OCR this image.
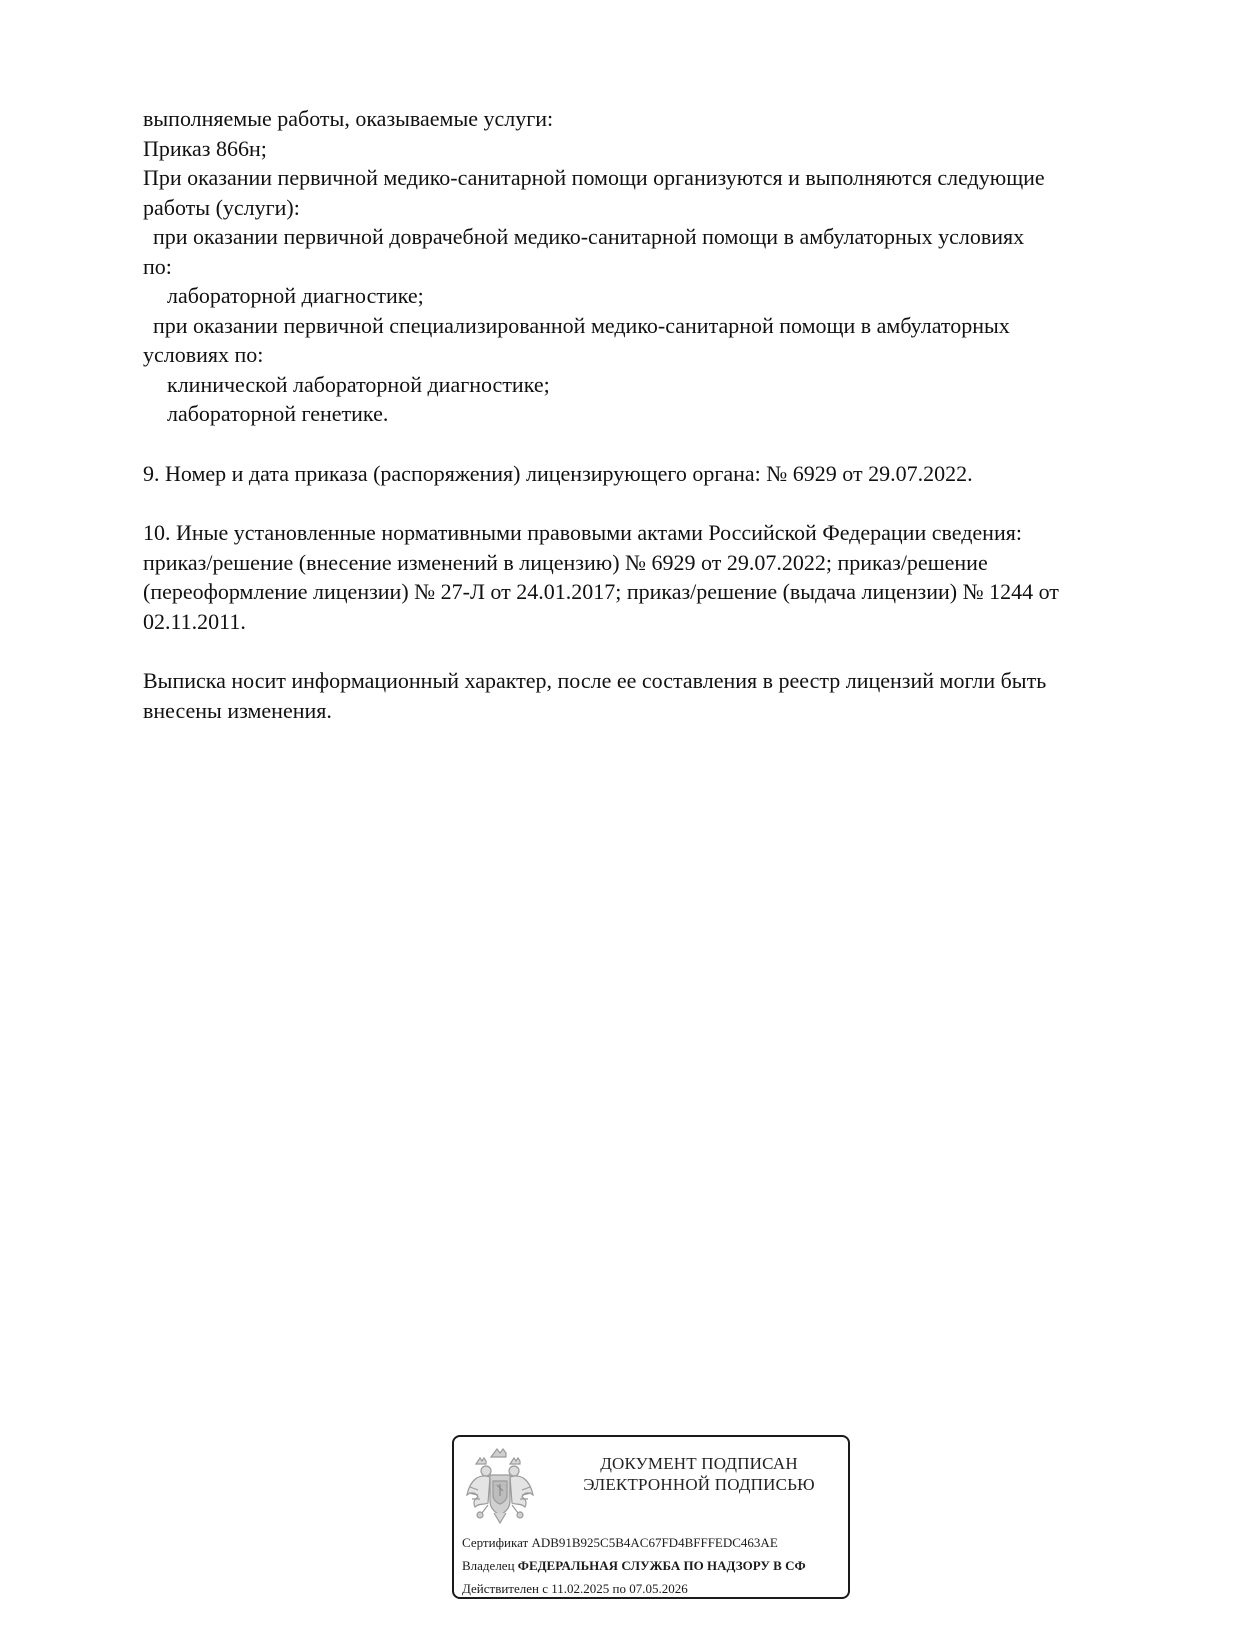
выполняемые работы, оказываемые услуги:
Приказ 866н;
При оказании первичной медико-санитарной помощи организуются и выполняются следующие
работы (услуги):
при оказании первичной доврачебной медико-санитарной помощи в амбулаторных условиях
по:
лабораторной диагностике;
при оказании первичной специализированной медико-санитарной помощи в амбулаторных
условиях по:
клинической лабораторной диагностике;
лабораторной генетике.
9. Номер и дата приказа (распоряжения) лицензирующего органа: № 6929 от 29.07.2022.
10. Иные установленные нормативными правовыми актами Российской Федерации сведения:
приказ/решение (внесение изменений в лицензию) № 6929 от 29.07.2022; приказ/решение
(переоформление лицензии) № 27-Л от 24.01.2017; приказ/решение (выдача лицензии) № 1244 от
02.11.2011.
Выписка носит информационный характер, после ее составления в реестр лицензий могли быть
внесены изменения.
ДОКУМЕНТ ПОДПИСАН
ЭЛЕКТРОННОЙ ПОДПИСЬЮ
Сертификат ADB91B925C5B4AC67FD4BFFFEDC463AE
Владелец ФЕДЕРАЛЬНАЯ СЛУЖБА ПО НАДЗОРУ В СФ
Действителен с 11.02.2025 по 07.05.2026
